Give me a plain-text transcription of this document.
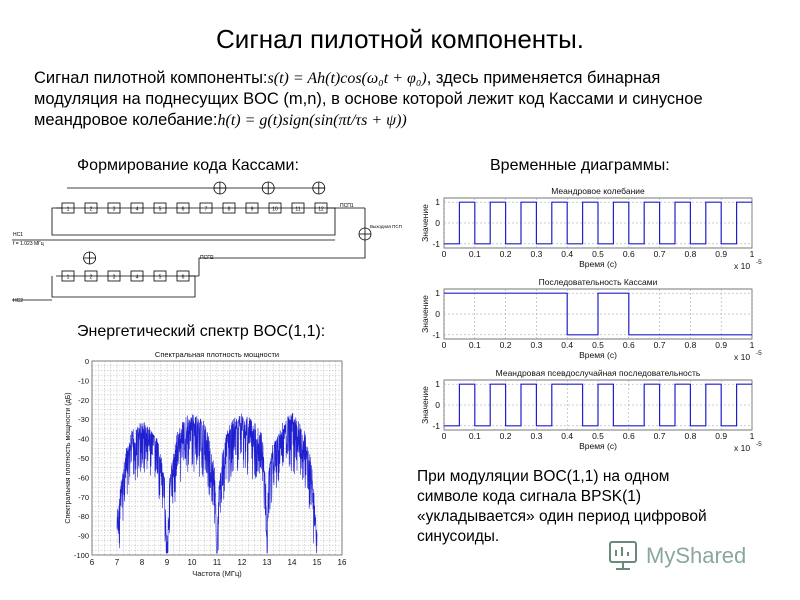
Сигнал пилотной компоненты.
Сигнал пилотной компоненты:s(t) = Ah(t)cos(ω₀t + φ₀), здесь применяется бинарная
модуляция на поднесущих BOC (m,n), в основе которой лежит код Кассами и синусное
меандровое колебание:h(t) = g(t)sign(sin(πt/τs + ψ))
Формирование кода Кассами:	Временные диаграммы:
Энергетический спектр BOC(1,1):
1	2	3	4	5	6	7	8	9	10	11	12
1	2	3	4	5	6
НС1
f = 1.023 МГц
НС2
ПСП1
ПСП2
Выходная ПСП
0	0.1 0.2 0.3 0.4 0.5 0.6 0.7 0.8 0.9	1
1
0
-1
Меандровое колебание
Значение
Время (с)	x 10 -5
0	0.1 0.2 0.3 0.4 0.5 0.6 0.7 0.8 0.9	1
1
0
-1
Последовательность Кассами
Значение
Время (с)	x 10 -5
0	0.1 0.2 0.3 0.4 0.5 0.6 0.7 0.8 0.9	1
1
0
-1
Меандровая псевдослучайная последовательность
Значение
Время (с)	x 10 -5
6	7	8	9 10 11 12 13 14 15 16
0
-10
-20
-30
-40
-50
-60
-70
-80
-90
-100
Спектральная плотность мощности
Частота (МГц)
Спектральная плотность мощности (дБ)	При модуляции BOC(1,1) на одном
символе кода сигнала BPSK(1)
«укладывается» один период цифровой
синусоиды.
MyShared
